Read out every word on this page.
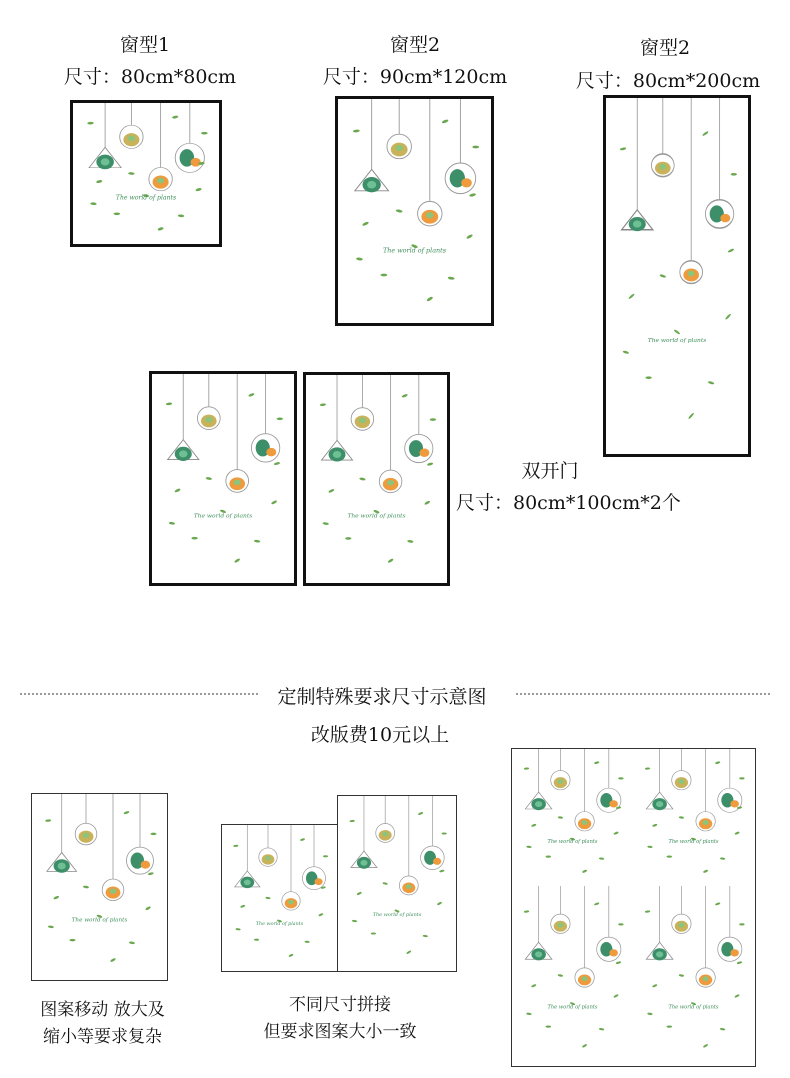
窗型1
尺寸：80cm*80cm
窗型2
尺寸：90cm*120cm
窗型2
尺寸：80cm*200cm
双开门
尺寸：80cm*100cm*2个
The world of plants
The world of plants
The world of plants
The world of plants	The world of plants
定制特殊要求尺寸示意图
改版费10元以上
The world of plants
图案移动 放大及
缩小等要求复杂
The world of plants
The world of plants
不同尺寸拼接
但要求图案大小一致
The world of plants	The world of plants
The world of plants	The world of plants
